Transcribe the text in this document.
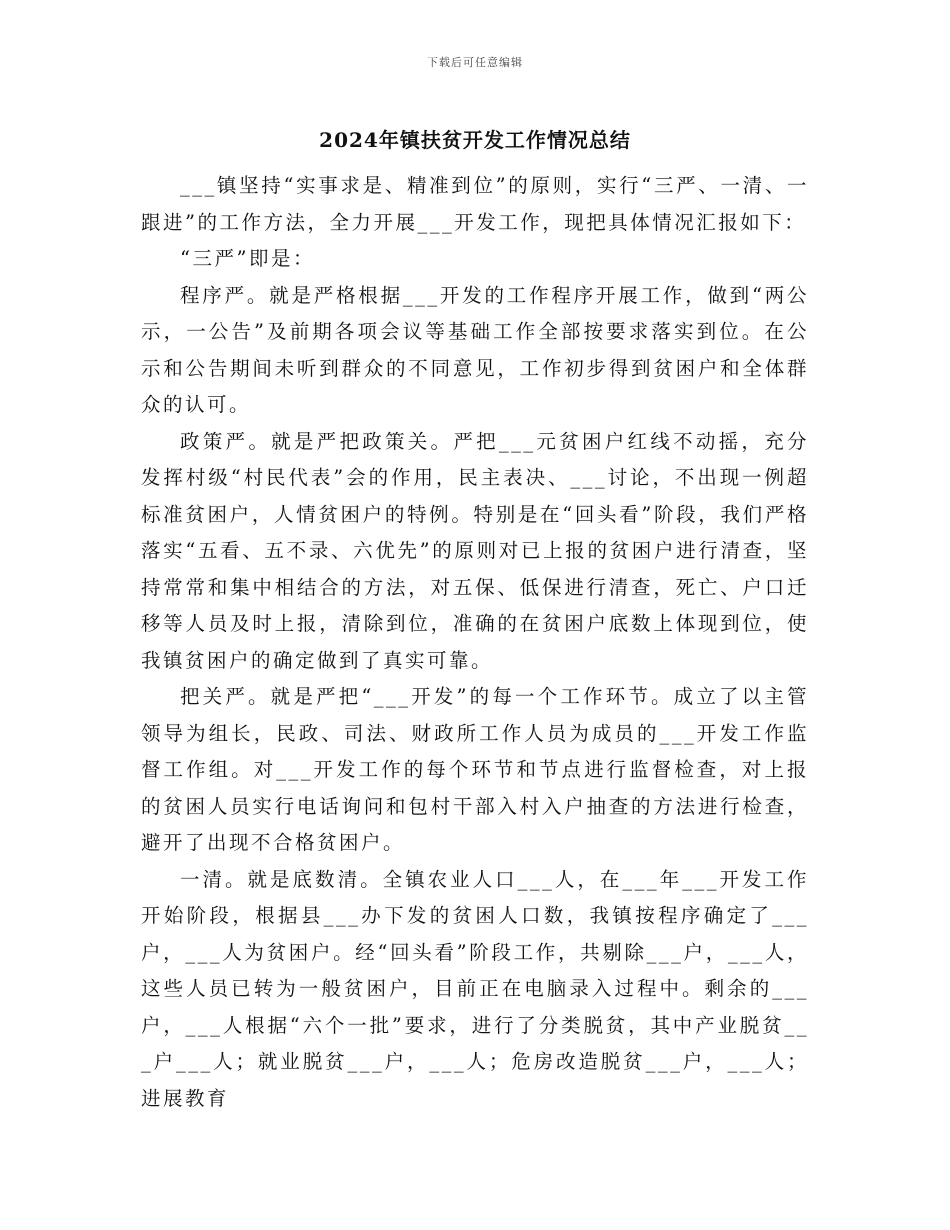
下载后可任意编辑
2024年镇扶贫开发工作情况总结

___镇坚持“实事求是、精准到位”的原则，实行“三严、一清、一跟进”的工作方法，全力开展___开发工作，现把具体情况汇报如下：

“三严”即是：

程序严。就是严格根据___开发的工作程序开展工作，做到“两公示，一公告”及前期各项会议等基础工作全部按要求落实到位。在公示和公告期间未听到群众的不同意见，工作初步得到贫困户和全体群众的认可。

政策严。就是严把政策关。严把___元贫困户红线不动摇，充分发挥村级“村民代表”会的作用，民主表决、___讨论，不出现一例超标准贫困户，人情贫困户的特例。特别是在“回头看”阶段，我们严格落实“五看、五不录、六优先”的原则对已上报的贫困户进行清查，坚持常常和集中相结合的方法，对五保、低保进行清查，死亡、户口迁移等人员及时上报，清除到位，准确的在贫困户底数上体现到位，使我镇贫困户的确定做到了真实可靠。

把关严。就是严把“___开发”的每一个工作环节。成立了以主管领导为组长，民政、司法、财政所工作人员为成员的___开发工作监督工作组。对___开发工作的每个环节和节点进行监督检查，对上报的贫困人员实行电话询问和包村干部入村入户抽查的方法进行检查，避开了出现不合格贫困户。

一清。就是底数清。全镇农业人口___人，在___年___开发工作开始阶段，根据县___办下发的贫困人口数，我镇按程序确定了___户，___人为贫困户。经“回头看”阶段工作，共剔除___户，___人，这些人员已转为一般贫困户，目前正在电脑录入过程中。剩余的___户，___人根据“六个一批”要求，进行了分类脱贫，其中产业脱贫___户___人；就业脱贫___户，___人；危房改造脱贫___户，___人；进展教育
